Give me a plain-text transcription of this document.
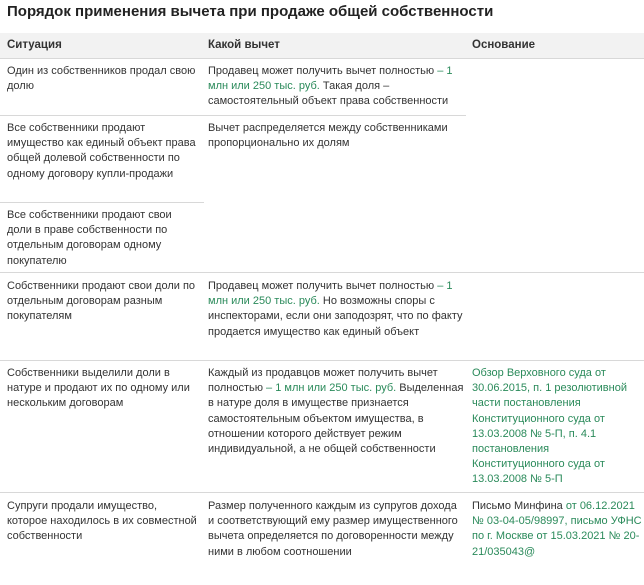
Порядок применения вычета при продаже общей собственности
Ситуация	Какой вычет	Основание
Один из собственников продал свою долю
Продавец может получить вычет полностью – 1 млн или 250 тыс. руб. Такая доля – самостоятельный объект права собственности
Все собственники продают имущество как единый объект права общей долевой собственности по одному договору купли-продажи
Вычет распределяется между собственниками пропорционально их долям
Все собственники продают свои доли в праве собственности по отдельным договорам одному покупателю
Собственники продают свои доли по отдельным договорам разным покупателям
Продавец может получить вычет полностью – 1 млн или 250 тыс. руб. Но возможны споры с инспекторами, если они заподозрят, что по факту продается имущество как единый объект
Собственники выделили доли в натуре и продают их по одному или нескольким договорам
Каждый из продавцов может получить вычет полностью – 1 млн или 250 тыс. руб. Выделенная в натуре доля в имуществе признается самостоятельным объектом имущества, в отношении которого действует режим индивидуальной, а не общей собственности
Обзор Верховного суда от 30.06.2015, п. 1 резолютивной части постановления Конституционного суда от 13.03.2008 № 5-П, п. 4.1 постановления Конституционного суда от 13.03.2008 № 5-П
Супруги продали имущество, которое находилось в их совместной собственности
Размер полученного каждым из супругов дохода и соответствующий ему размер имущественного вычета определяется по договоренности между ними в любом соотношении
Письмо Минфина от 06.12.2021 № 03-04-05/98997, письмо УФНС по г. Москве от 15.03.2021 № 20-21/035043@
